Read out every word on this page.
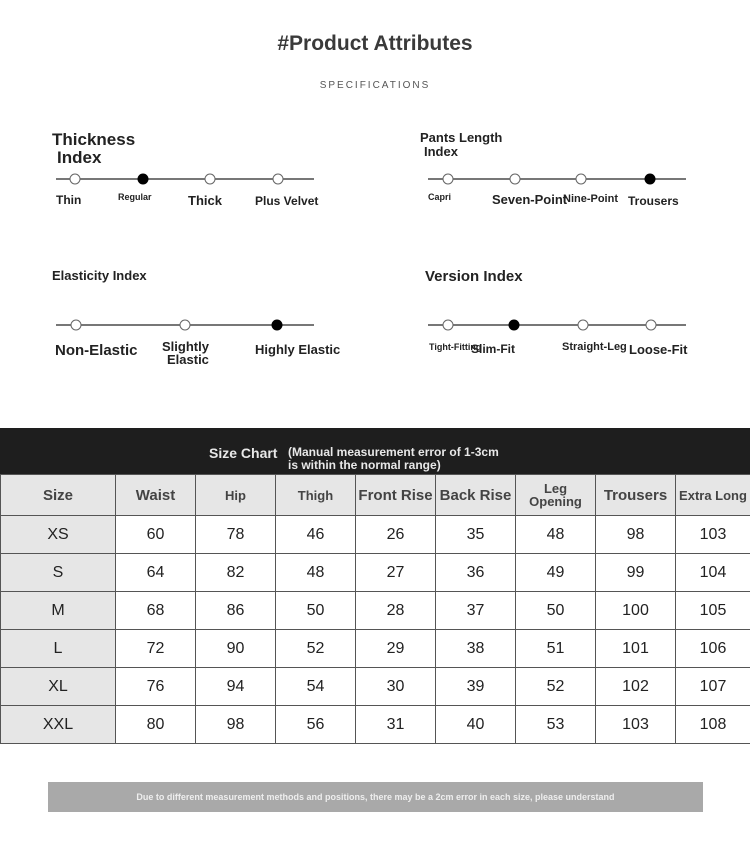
#Product Attributes
SPECIFICATIONS
Thickness
Index
Thin	Regular	Thick	Plus Velvet
Pants Length
Index
Capri	Seven-Point
Nine-Point Trousers
Elasticity Index
Non-Elastic Slightly
Elastic
Highly Elastic
Version Index
Tight-Fitting
Slim-Fit	Straight-Leg Loose-Fit
Size Chart (Manual measurement error of 1-3cm
is within the normal range)
Size	Waist	Hip	Thigh	Front Rise	Back Rise	Leg Opening	Trousers	Extra Long
XS	60	78	46	26	35	48	98	103
S	64	82	48	27	36	49	99	104
M	68	86	50	28	37	50	100	105
L	72	90	52	29	38	51	101	106
XL	76	94	54	30	39	52	102	107
XXL	80	98	56	31	40	53	103	108
Due to different measurement methods and positions, there may be a 2cm error in each size, please understand
